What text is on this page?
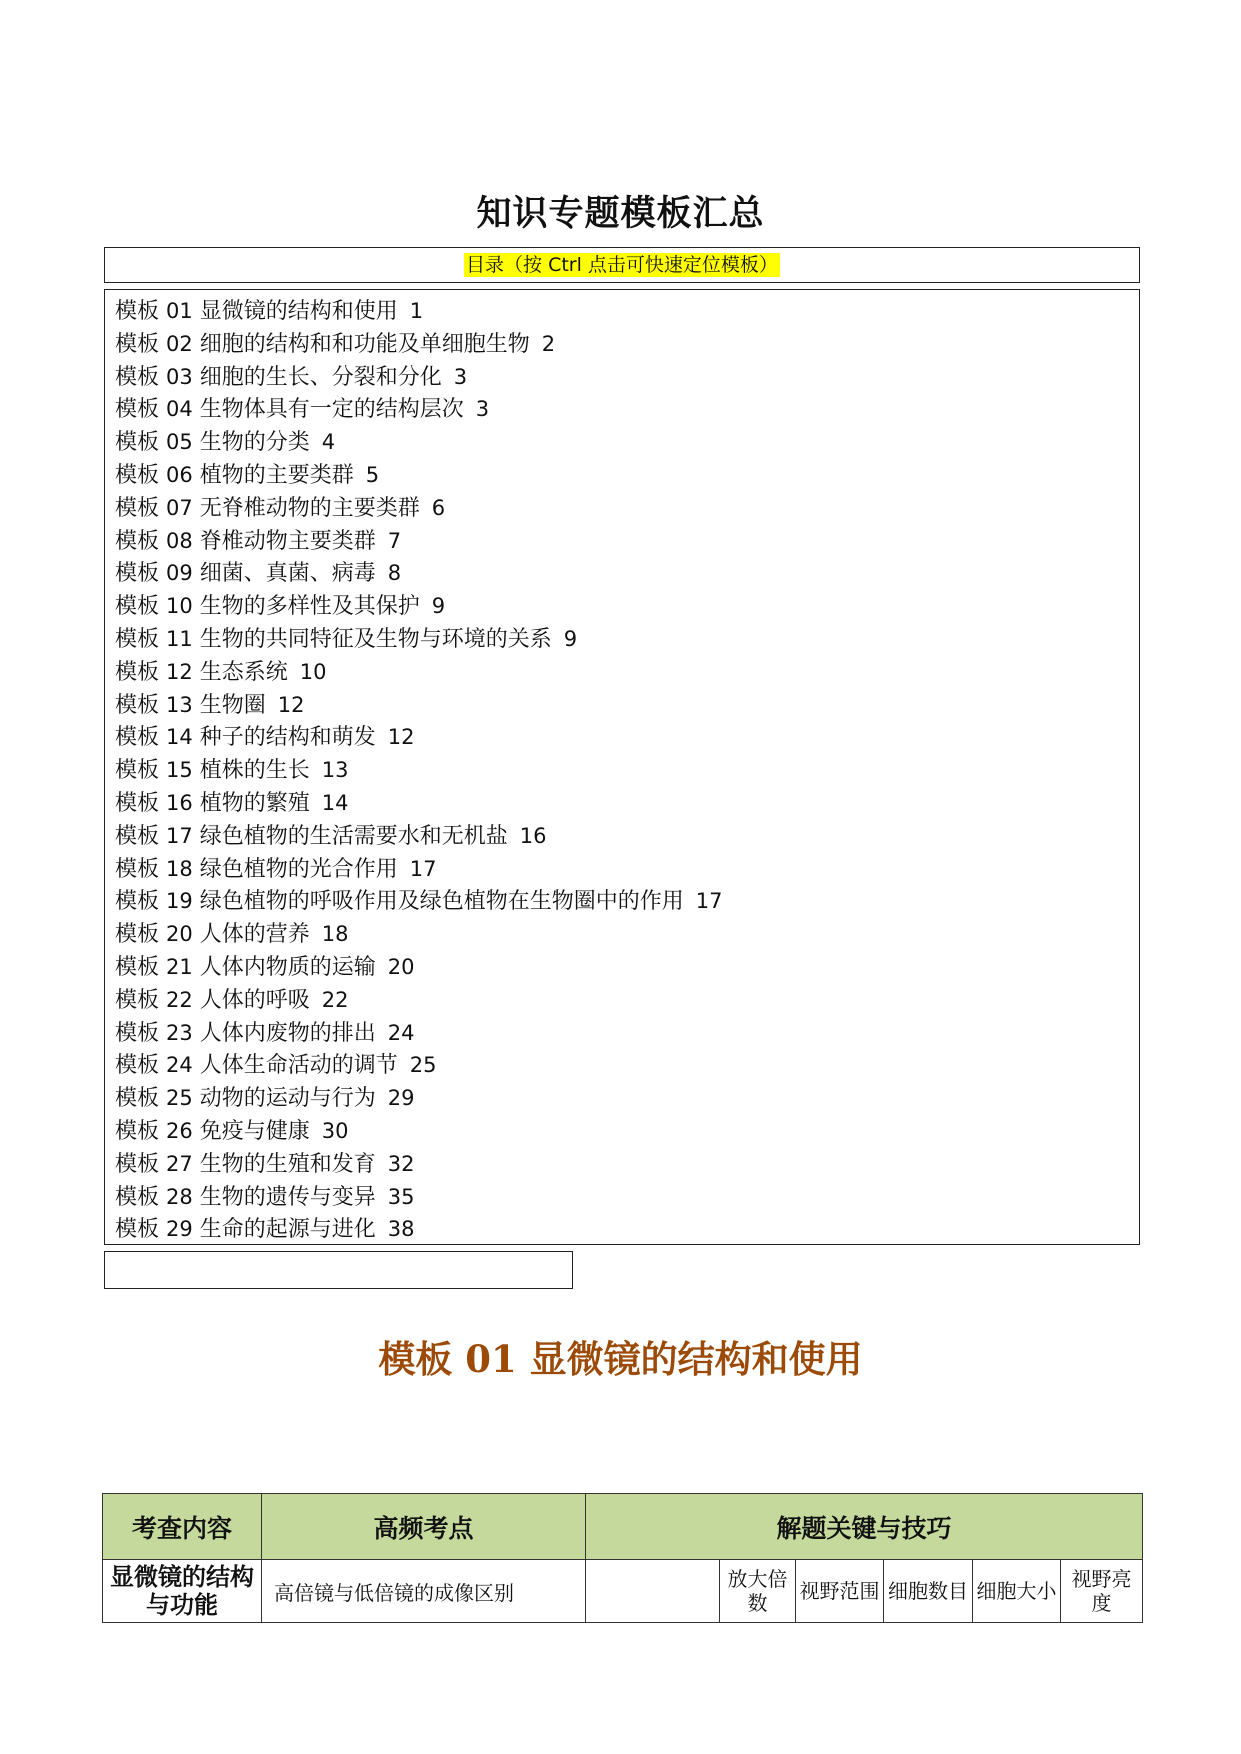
知识专题模板汇总
目录（按 Ctrl 点击可快速定位模板）
模板 01 显微镜的结构和使用 1
模板 02 细胞的结构和和功能及单细胞生物 2
模板 03 细胞的生长、分裂和分化 3
模板 04 生物体具有一定的结构层次 3
模板 05 生物的分类 4
模板 06 植物的主要类群 5
模板 07 无脊椎动物的主要类群 6
模板 08 脊椎动物主要类群 7
模板 09 细菌、真菌、病毒 8
模板 10 生物的多样性及其保护 9
模板 11 生物的共同特征及生物与环境的关系 9
模板 12 生态系统 10
模板 13 生物圈 12
模板 14 种子的结构和萌发 12
模板 15 植株的生长 13
模板 16 植物的繁殖 14
模板 17 绿色植物的生活需要水和无机盐 16
模板 18 绿色植物的光合作用 17
模板 19 绿色植物的呼吸作用及绿色植物在生物圈中的作用 17
模板 20 人体的营养 18
模板 21 人体内物质的运输 20
模板 22 人体的呼吸 22
模板 23 人体内废物的排出 24
模板 24 人体生命活动的调节 25
模板 25 动物的运动与行为 29
模板 26 免疫与健康 30
模板 27 生物的生殖和发育 32
模板 28 生物的遗传与变异 35
模板 29 生命的起源与进化 38
模板 01 显微镜的结构和使用
考查内容	高频考点	解题关键与技巧					
显微镜的结构与功能	高倍镜与低倍镜的成像区别		放大倍数	视野范围	细胞数目	细胞大小	视野亮度
